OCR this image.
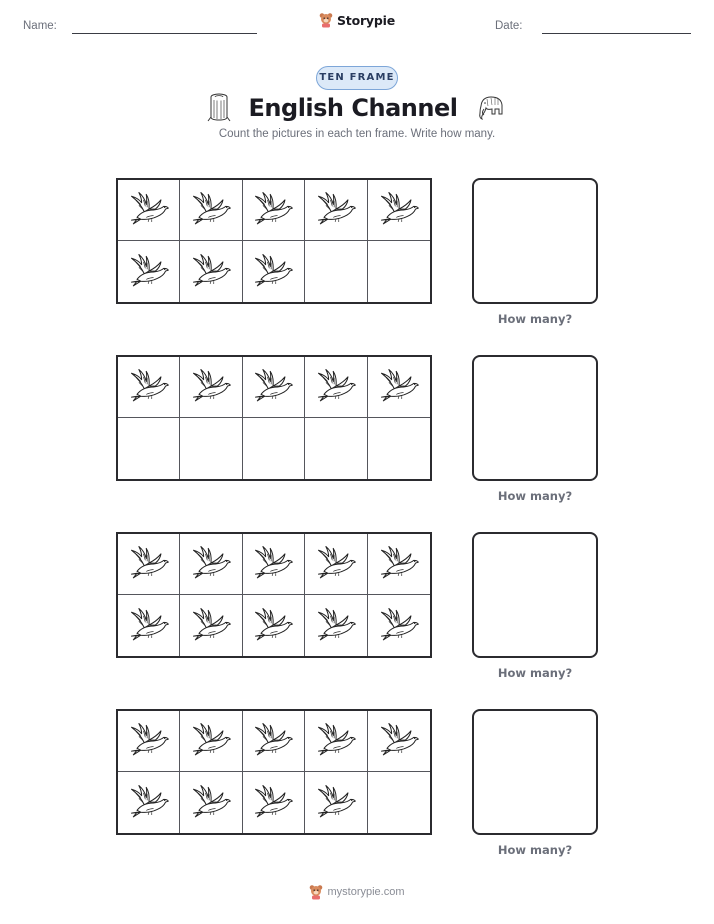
Name:	Storypie	Date:
TEN FRAME
English Channel
Count the pictures in each ten frame. Write how many.
How many?
How many?
How many?
How many?
mystorypie.com
